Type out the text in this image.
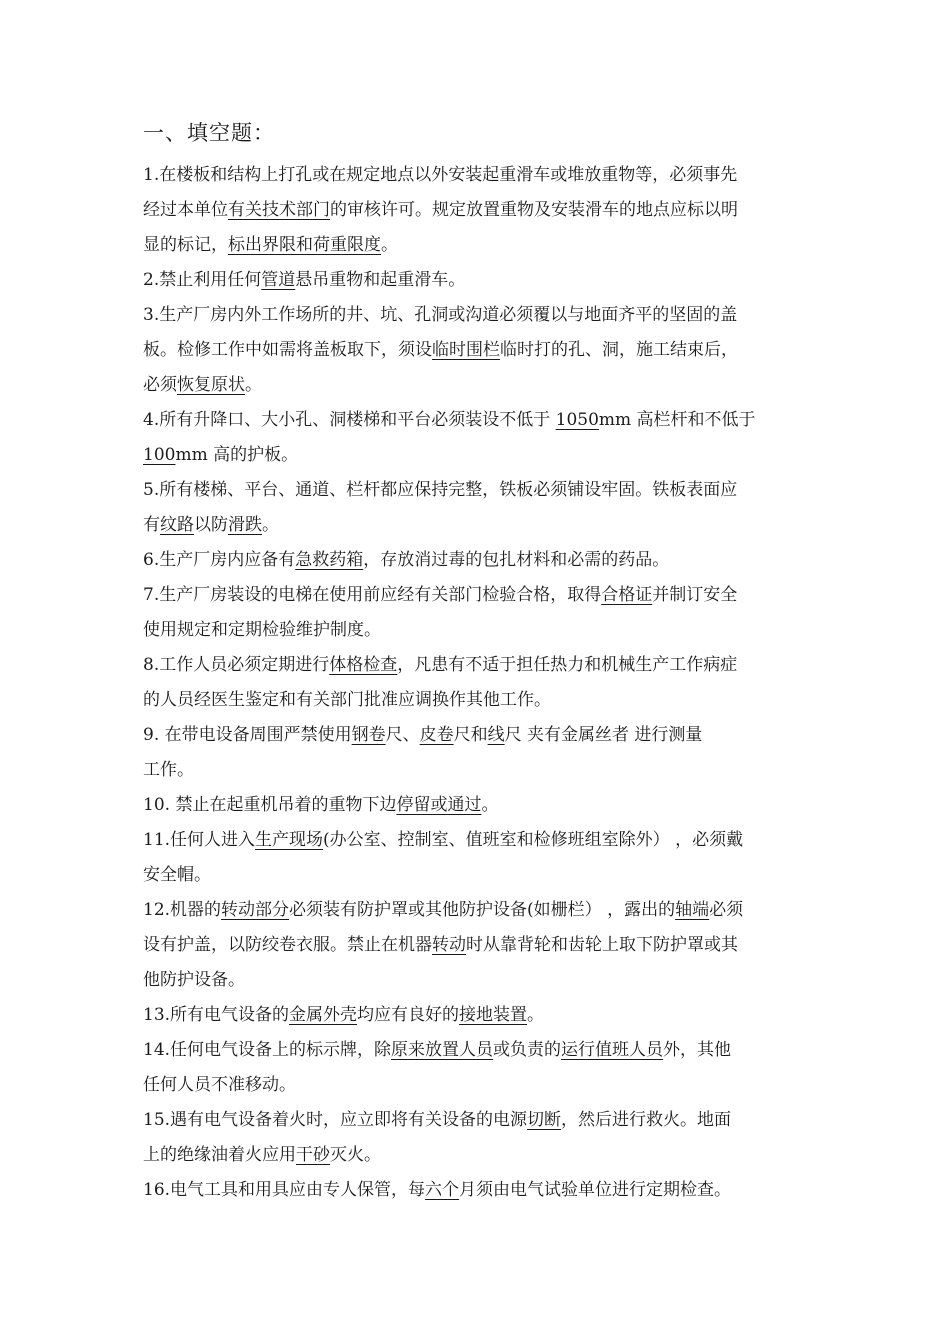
一、填空题：
1.在楼板和结构上打孔或在规定地点以外安装起重滑车或堆放重物等，必须事先
经过本单位有关技术部门的审核许可。规定放置重物及安装滑车的地点应标以明
显的标记，标出界限和荷重限度。
2.禁止利用任何管道悬吊重物和起重滑车。
3.生产厂房内外工作场所的井、坑、孔洞或沟道必须覆以与地面齐平的坚固的盖
板。检修工作中如需将盖板取下，须设临时围栏临时打的孔、洞，施工结束后，
必须恢复原状。
4.所有升降口、大小孔、洞楼梯和平台必须装设不低于 1050mm 高栏杆和不低于
100mm 高的护板。
5.所有楼梯、平台、通道、栏杆都应保持完整，铁板必须铺设牢固。铁板表面应
有纹路以防滑跌。
6.生产厂房内应备有急救药箱，存放消过毒的包扎材料和必需的药品。
7.生产厂房装设的电梯在使用前应经有关部门检验合格，取得合格证并制订安全
使用规定和定期检验维护制度。
8.工作人员必须定期进行体格检查，凡患有不适于担任热力和机械生产工作病症
的人员经医生鉴定和有关部门批准应调换作其他工作。
9. 在带电设备周围严禁使用钢卷尺、皮卷尺和线尺 夹有金属丝者 进行测量
工作。
10. 禁止在起重机吊着的重物下边停留或通过。
11.任何人进入生产现场(办公室、控制室、值班室和检修班组室除外） ，必须戴
安全帽。
12.机器的转动部分必须装有防护罩或其他防护设备(如栅栏） ，露出的轴端必须
设有护盖，以防绞卷衣服。禁止在机器转动时从靠背轮和齿轮上取下防护罩或其
他防护设备。
13.所有电气设备的金属外壳均应有良好的接地装置。
14.任何电气设备上的标示牌，除原来放置人员或负责的运行值班人员外，其他
任何人员不准移动。
15.遇有电气设备着火时，应立即将有关设备的电源切断，然后进行救火。地面
上的绝缘油着火应用干砂灭火。
16.电气工具和用具应由专人保管，每六个月须由电气试验单位进行定期检查。
